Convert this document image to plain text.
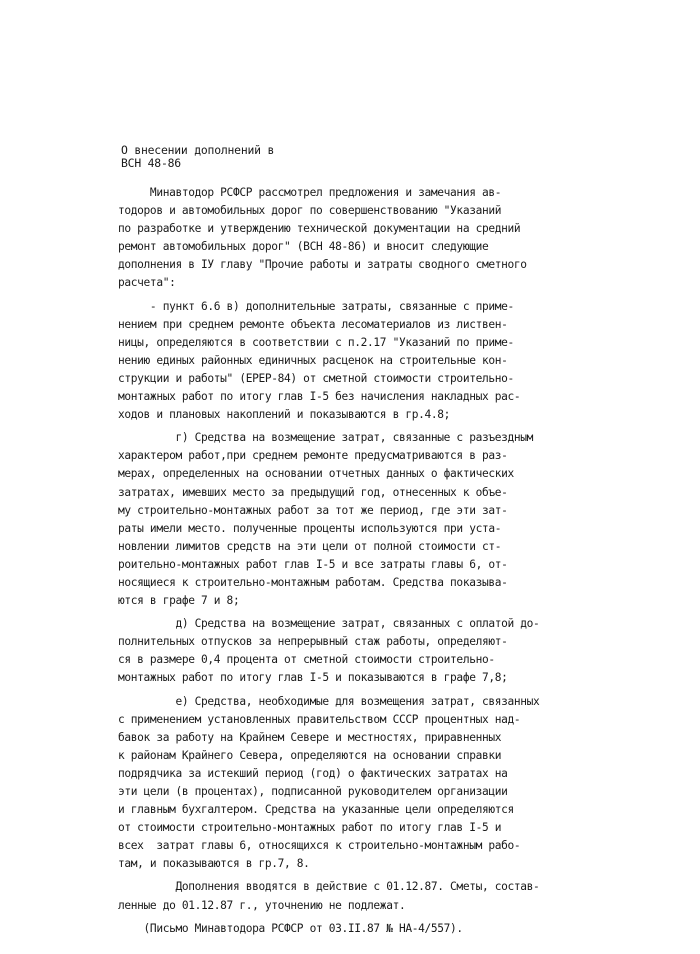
О внесении дополнений в
ВСН 48-86
Минавтодор РСФСР рассмотрел предложения и замечания ав-
тодоров и автомобильных дорог по совершенствованию "Указаний
по разработке и утверждению технической документации на средний
ремонт автомобильных дорог" (ВСН 48-86) и вносит следующие
дополнения в IУ главу "Прочие работы и затраты сводного сметного
расчета":
- пункт 6.6 в) дополнительные затраты, связанные с приме-
нением при среднем ремонте объекта лесоматериалов из листвен-
ницы, определяются в соответствии с п.2.17 "Указаний по приме-
нению единых районных единичных расценок на строительные кон-
струкции и работы" (ЕРЕР-84) от сметной стоимости строительно-
монтажных работ по итогу глав I-5 без начисления накладных рас-
ходов и плановых накоплений и показываются в гр.4.8;
г) Средства на возмещение затрат, связанные с разъездным
характером работ,при среднем ремонте предусматриваются в раз-
мерах, определенных на основании отчетных данных о фактических
затратах, имевших место за предыдущий год, отнесенных к объе-
му строительно-монтажных работ за тот же период, где эти зат-
раты имели место. полученные проценты используются при уста-
новлении лимитов средств на эти цели от полной стоимости ст-
роительно-монтажных работ глав I-5 и все затраты главы 6, от-
носящиеся к строительно-монтажным работам. Средства показыва-
ются в графе 7 и 8;
д) Средства на возмещение затрат, связанных с оплатой до-
полнительных отпусков за непрерывный стаж работы, определяют-
ся в размере 0,4 процента от сметной стоимости строительно-
монтажных работ по итогу глав I-5 и показываются в графе 7,8;
е) Средства, необходимые для возмещения затрат, связанных
с применением установленных правительством СССР процентных над-
бавок за работу на Крайнем Севере и местностях, приравненных
к районам Крайнего Севера, определяются на основании справки
подрядчика за истекший период (год) о фактических затратах на
эти цели (в процентах), подписанной руководителем организации
и главным бухгалтером. Средства на указанные цели определяются
от стоимости строительно-монтажных работ по итогу глав I-5 и
всех  затрат главы 6, относящихся к строительно-монтажным рабо-
там, и показываются в гр.7, 8.
Дополнения вводятся в действие с 01.12.87. Сметы, состав-
ленные до 01.12.87 г., уточнению не подлежат.
(Письмо Минавтодора РСФСР от 03.II.87 № НА-4/557).
